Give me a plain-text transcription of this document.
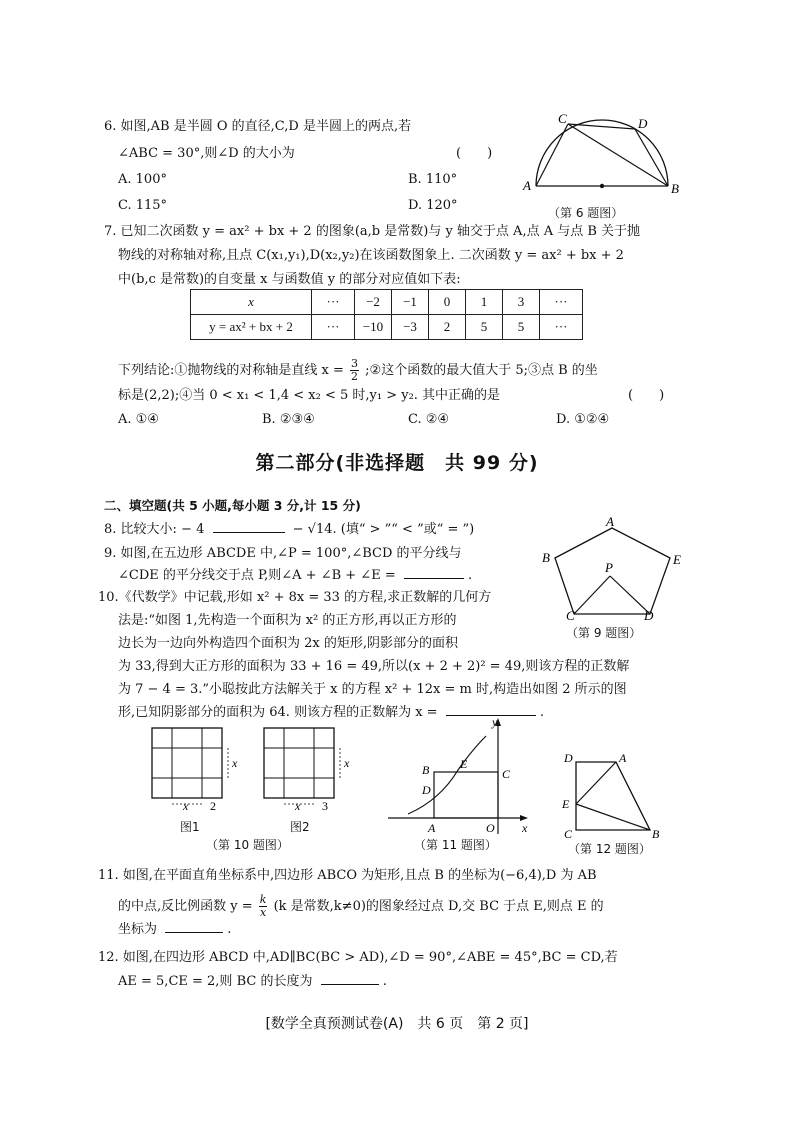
6. 如图,AB 是半圆 O 的直径,C,D 是半圆上的两点,若
∠ABC = 30°,则∠D 的大小为	(　　)
A. 100°	B. 110°
C. 115°	D. 120°
C	D
A	B
（第 6 题图）
7. 已知二次函数 y = ax² + bx + 2 的图象(a,b 是常数)与 y 轴交于点 A,点 A 与点 B 关于抛
物线的对称轴对称,且点 C(x₁,y₁),D(x₂,y₂)在该函数图象上. 二次函数 y = ax² + bx + 2
中(b,c 是常数)的自变量 x 与函数值 y 的部分对应值如下表:
x	···	−2	−1	0	1	3	···
y = ax² + bx + 2	···	−10	−3	2	5	5	···
下列结论:①抛物线的对称轴是直线 $x = \frac{3}{2}$ ;②这个函数的最大值大于 5;③点 B 的坐
标是(2,2);④当 0 < x₁ < 1,4 < x₂ < 5 时,y₁ > y₂. 其中正确的是	(　　)
A. ①④	B. ②③④	C. ②④	D. ①②④
第二部分(非选择题　共 99 分)
二、填空题(共 5 小题,每小题 3 分,计 15 分)
8. 比较大小: − 4	− √14. (填“ > ”“ < ”或“ = ”)
9. 如图,在五边形 ABCDE 中,∠P = 100°,∠BCD 的平分线与
∠CDE 的平分线交于点 P,则∠A + ∠B + ∠E =	.
A
B	E
P
C	D
（第 9 题图）
10.《代数学》中记载,形如 x² + 8x = 33 的方程,求正数解的几何方
法是:“如图 1,先构造一个面积为 x² 的正方形,再以正方形的
边长为一边向外构造四个面积为 2x 的矩形,阴影部分的面积
为 33,得到大正方形的面积为 33 + 16 = 49,所以(x + 2 + 2)² = 49,则该方程的正数解
为 7 − 4 = 3.”小聪按此方法解关于 x 的方程 x² + 12x = m 时,构造出如图 2 所示的图
形,已知阴影部分的面积为 64. 则该方程的正数解为 x =	.
x
x 2
图1
x
x 3
图2
（第 10 题图）
y
x
B	E
C
D
A	O
（第 11 题图）
D	A
E
C	B
（第 12 题图）
11. 如图,在平面直角坐标系中,四边形 ABCO 为矩形,且点 B 的坐标为(−6,4),D 为 AB
的中点,反比例函数 $y = \frac{k}{x} (k$ 是常数,k≠0)的图象经过点 D,交 BC 于点 E,则点 E 的
坐标为	.
12. 如图,在四边形 ABCD 中,AD∥BC(BC > AD),∠D = 90°,∠ABE = 45°,BC = CD,若
AE = 5,CE = 2,则 BC 的长度为	.
[数学全真预测试卷(A)　共 6 页　第 2 页]
